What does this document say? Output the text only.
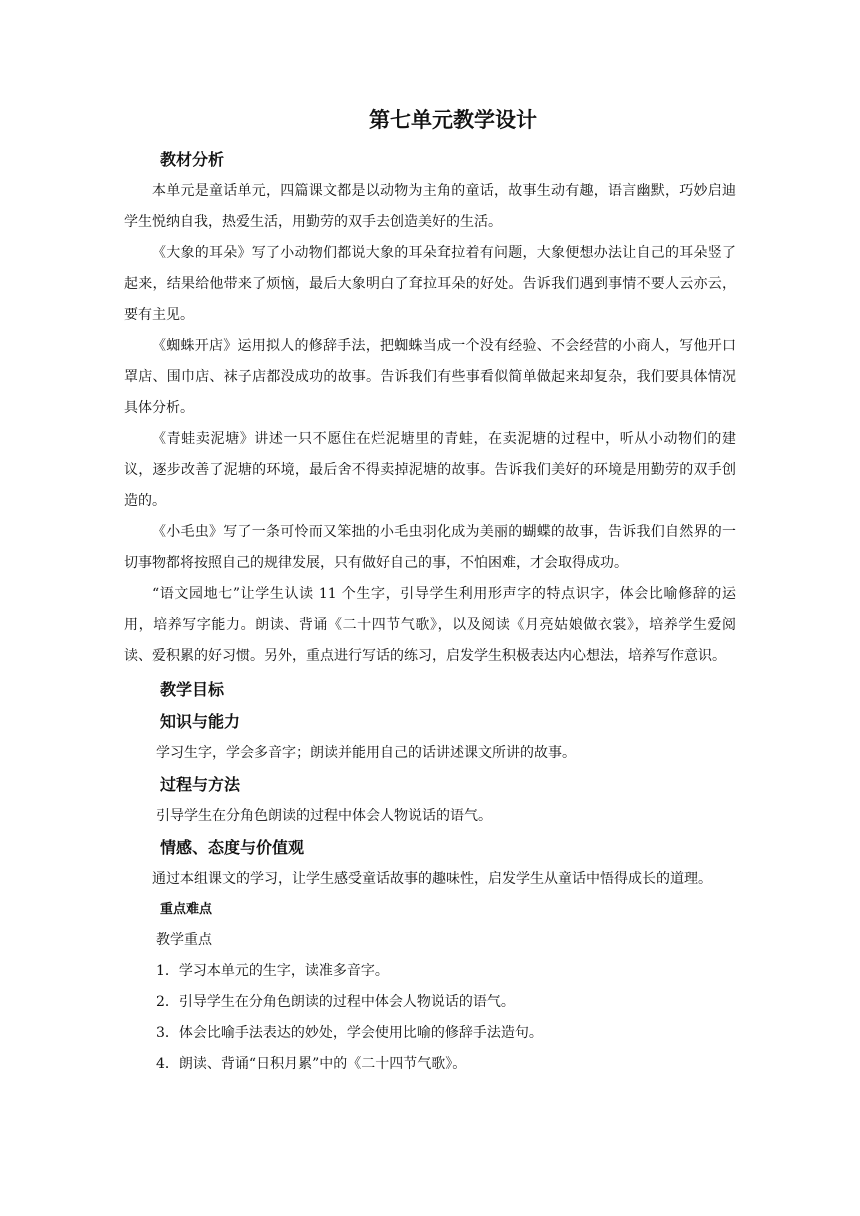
第七单元教学设计
教材分析

本单元是童话单元，四篇课文都是以动物为主角的童话，故事生动有趣，语言幽默，巧妙启迪学生悦纳自我，热爱生活，用勤劳的双手去创造美好的生活。

《大象的耳朵》写了小动物们都说大象的耳朵耷拉着有问题，大象便想办法让自己的耳朵竖了起来，结果给他带来了烦恼，最后大象明白了耷拉耳朵的好处。告诉我们遇到事情不要人云亦云，要有主见。

《蜘蛛开店》运用拟人的修辞手法，把蜘蛛当成一个没有经验、不会经营的小商人，写他开口罩店、围巾店、袜子店都没成功的故事。告诉我们有些事看似简单做起来却复杂，我们要具体情况具体分析。

《青蛙卖泥塘》讲述一只不愿住在烂泥塘里的青蛙，在卖泥塘的过程中，听从小动物们的建议，逐步改善了泥塘的环境，最后舍不得卖掉泥塘的故事。告诉我们美好的环境是用勤劳的双手创造的。

《小毛虫》写了一条可怜而又笨拙的小毛虫羽化成为美丽的蝴蝶的故事，告诉我们自然界的一切事物都将按照自己的规律发展，只有做好自己的事，不怕困难，才会取得成功。

“语文园地七”让学生认读 11 个生字，引导学生利用形声字的特点识字，体会比喻修辞的运用，培养写字能力。朗读、背诵《二十四节气歌》，以及阅读《月亮姑娘做衣裳》，培养学生爱阅读、爱积累的好习惯。另外，重点进行写话的练习，启发学生积极表达内心想法，培养写作意识。

教学目标
知识与能力

学习生字，学会多音字；朗读并能用自己的话讲述课文所讲的故事。

过程与方法

引导学生在分角色朗读的过程中体会人物说话的语气。

情感、态度与价值观

通过本组课文的学习，让学生感受童话故事的趣味性，启发学生从童话中悟得成长的道理。

重点难点

教学重点

1．学习本单元的生字，读准多音字。

2．引导学生在分角色朗读的过程中体会人物说话的语气。

3．体会比喻手法表达的妙处，学会使用比喻的修辞手法造句。

4．朗读、背诵“日积月累”中的《二十四节气歌》。
